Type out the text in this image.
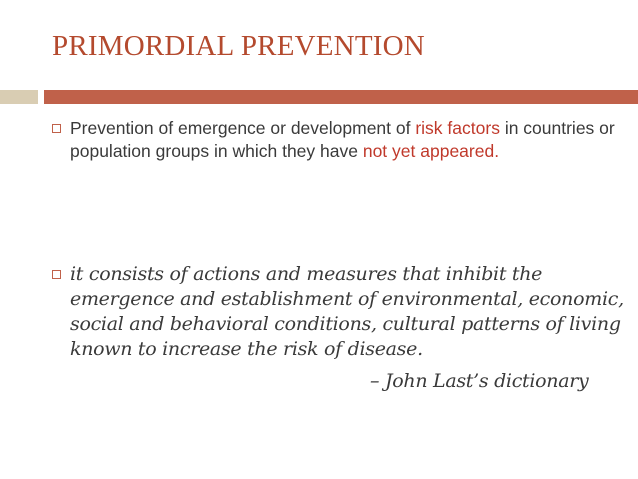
PRIMORDIAL PREVENTION
Prevention of emergence or development of risk factors in countries or population groups in which they have not yet appeared.
it consists of actions and measures that inhibit the emergence and establishment of environmental, economic, social and behavioral conditions, cultural patterns of living known to increase the risk of disease.
– John Last’s dictionary
